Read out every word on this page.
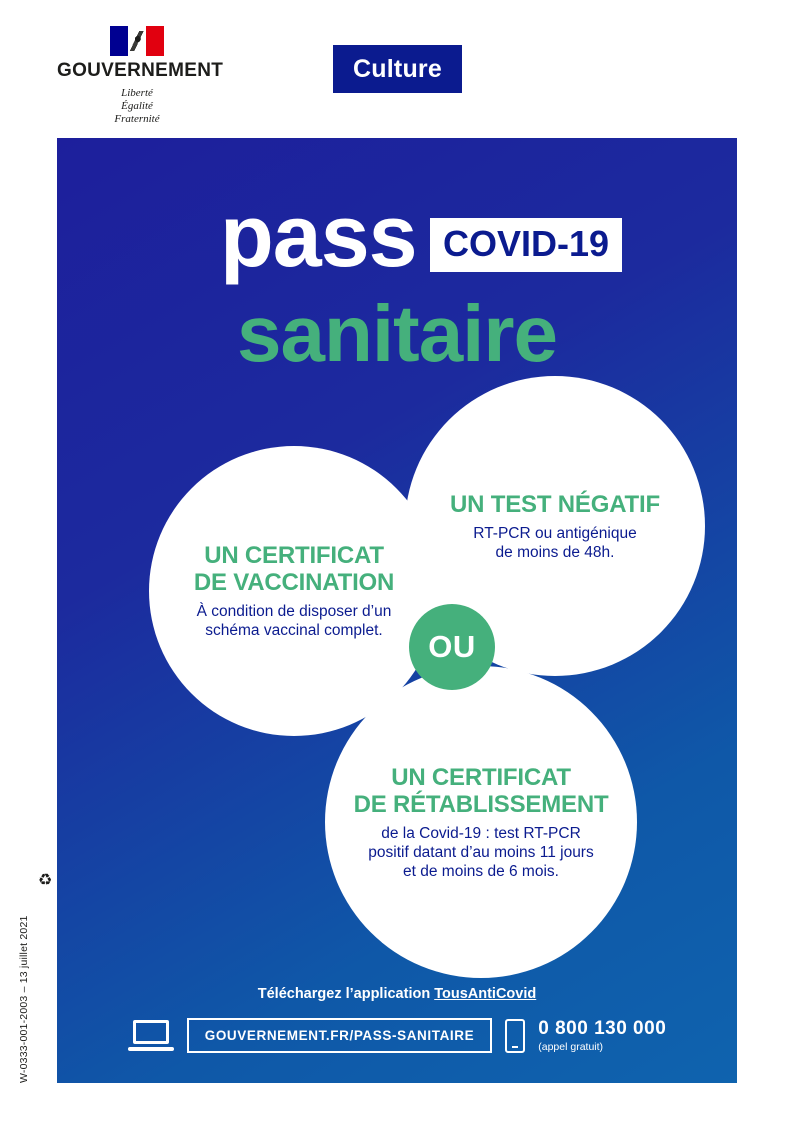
GOUVERNEMENT
Liberté
Égalité
Fraternité
Culture
pass COVID-19
sanitaire
UN CERTIFICAT
DE VACCINATION
À condition de disposer d’un
schéma vaccinal complet.
UN TEST NÉGATIF
RT-PCR ou antigénique
de moins de 48h.
UN CERTIFICAT
DE RÉTABLISSEMENT
de la Covid-19 : test RT-PCR
positif datant d’au moins 11 jours
et de moins de 6 mois.
OU
Téléchargez l’application TousAntiCovid
GOUVERNEMENT.FR/PASS-SANITAIRE	0 800 130 000
(appel gratuit)
♻
W-0333-001-2003 – 13 juillet 2021
